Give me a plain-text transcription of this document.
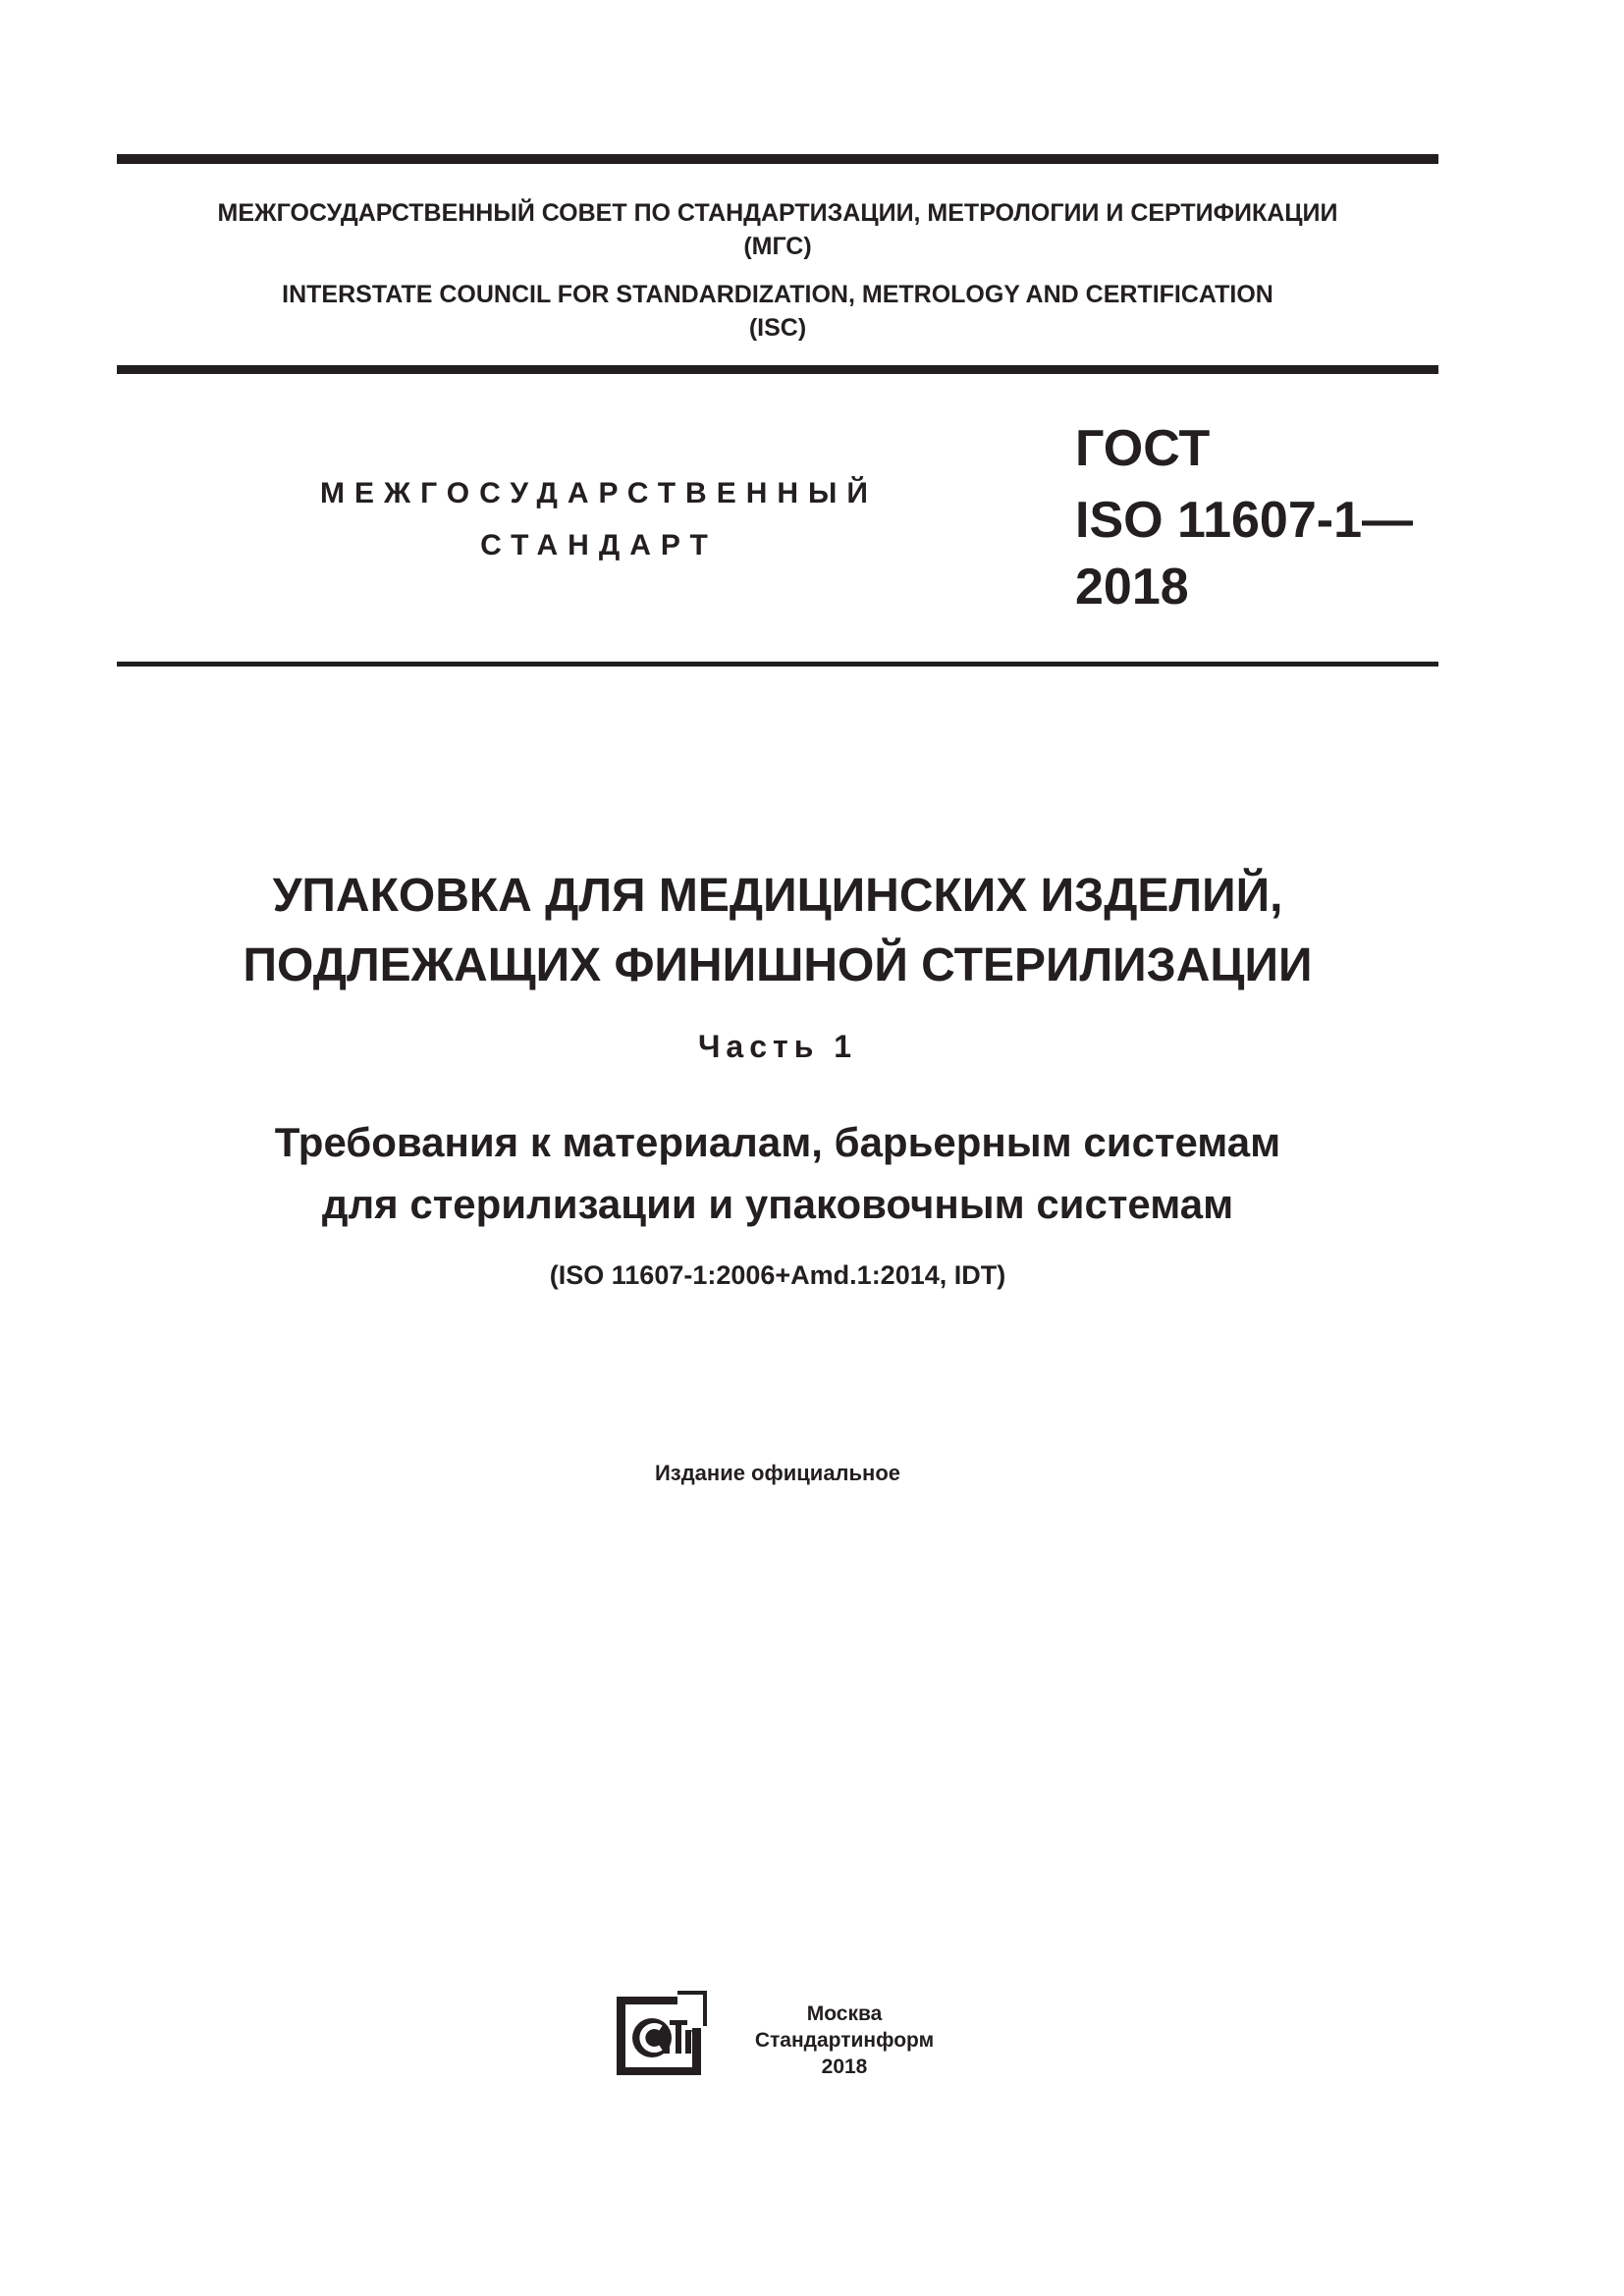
МЕЖГОСУДАРСТВЕННЫЙ СОВЕТ ПО СТАНДАРТИЗАЦИИ, МЕТРОЛОГИИ И СЕРТИФИКАЦИИ
(МГС)
INTERSTATE COUNCIL FOR STANDARDIZATION, METROLOGY AND CERTIFICATION
(ISC)
МЕЖГОСУДАРСТВЕННЫЙ
СТАНДАРТ
ГОСТ
ISO 11607-1—
2018
УПАКОВКА ДЛЯ МЕДИЦИНСКИХ ИЗДЕЛИЙ,
ПОДЛЕЖАЩИХ ФИНИШНОЙ СТЕРИЛИЗАЦИИ
Часть 1
Требования к материалам, барьерным системам
для стерилизации и упаковочным системам
(ISO 11607-1:2006+Amd.1:2014, IDT)
Издание официальное
Москва
Стандартинформ
2018
